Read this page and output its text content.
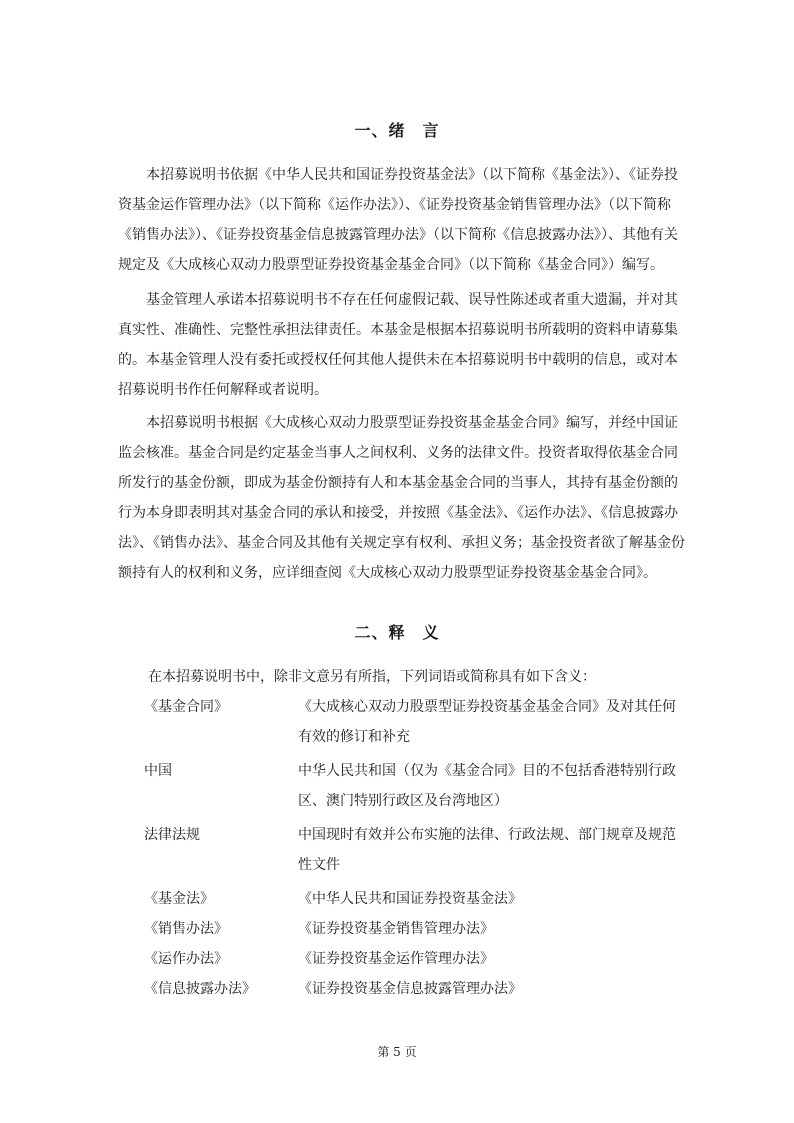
一、绪　言

本招募说明书依据《中华人民共和国证券投资基金法》（以下简称《基金法》）、《证券投资基金运作管理办法》（以下简称《运作办法》）、《证券投资基金销售管理办法》（以下简称《销售办法》）、《证券投资基金信息披露管理办法》（以下简称《信息披露办法》）、其他有关规定及《大成核心双动力股票型证券投资基金基金合同》（以下简称《基金合同》）编写。

基金管理人承诺本招募说明书不存在任何虚假记载、误导性陈述或者重大遗漏，并对其真实性、准确性、完整性承担法律责任。本基金是根据本招募说明书所载明的资料申请募集的。本基金管理人没有委托或授权任何其他人提供未在本招募说明书中载明的信息，或对本招募说明书作任何解释或者说明。

本招募说明书根据《大成核心双动力股票型证券投资基金基金合同》编写，并经中国证监会核准。基金合同是约定基金当事人之间权利、义务的法律文件。投资者取得依基金合同所发行的基金份额，即成为基金份额持有人和本基金基金合同的当事人，其持有基金份额的行为本身即表明其对基金合同的承认和接受，并按照《基金法》、《运作办法》、《信息披露办法》、《销售办法》、基金合同及其他有关规定享有权利、承担义务；基金投资者欲了解基金份额持有人的权利和义务，应详细查阅《大成核心双动力股票型证券投资基金基金合同》。

二、释　义

在本招募说明书中，除非文意另有所指，下列词语或简称具有如下含义：

《基金合同》	《大成核心双动力股票型证券投资基金基金合同》及对其任何有效的修订和补充
中国	中华人民共和国（仅为《基金合同》目的不包括香港特别行政区、澳门特别行政区及台湾地区）
法律法规	中国现时有效并公布实施的法律、行政法规、部门规章及规范性文件
《基金法》	《中华人民共和国证券投资基金法》
《销售办法》	《证券投资基金销售管理办法》
《运作办法》	《证券投资基金运作管理办法》
《信息披露办法》	《证券投资基金信息披露管理办法》
第 5 页
